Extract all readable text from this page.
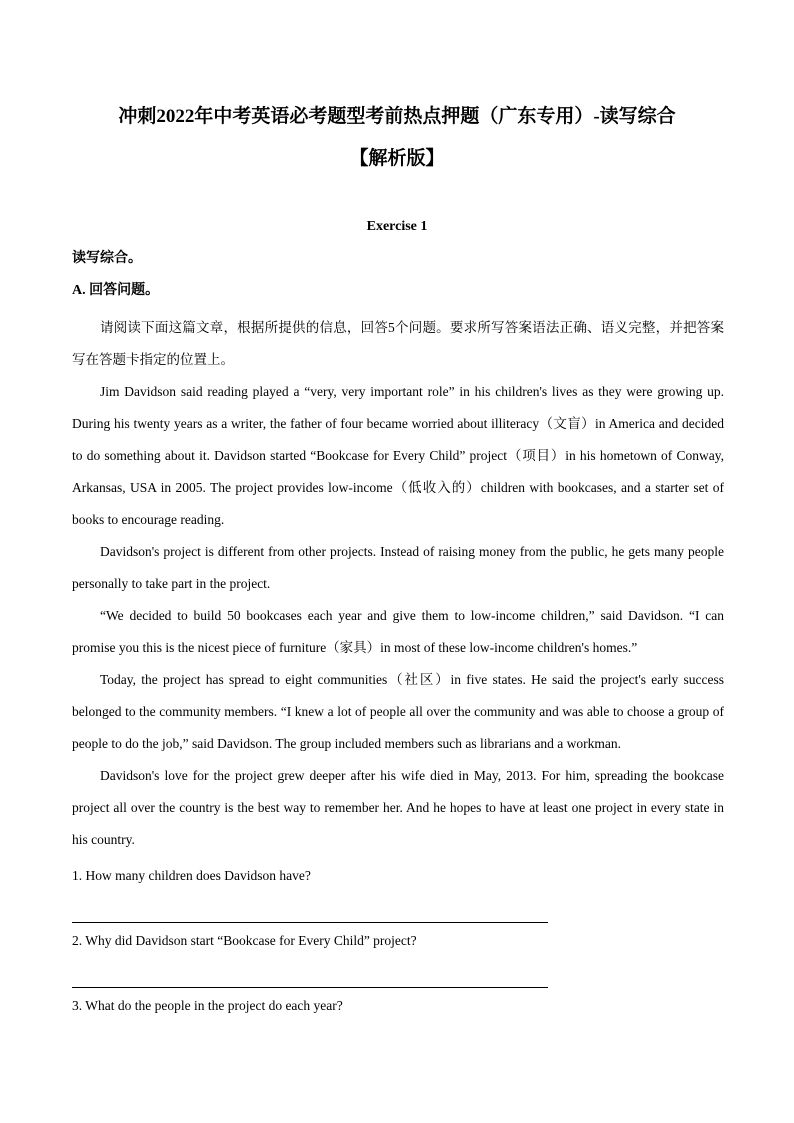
冲刺2022年中考英语必考题型考前热点押题（广东专用）-读写综合
【解析版】
Exercise 1
读写综合。
A. 回答问题。

请阅读下面这篇文章，根据所提供的信息，回答5个问题。要求所写答案语法正确、语义完整，并把答案写在答题卡指定的位置上。

Jim Davidson said reading played a “very, very important role” in his children's lives as they were growing up. During his twenty years as a writer, the father of four became worried about illiteracy（文盲）in America and decided to do something about it. Davidson started “Bookcase for Every Child” project（项目）in his hometown of Conway, Arkansas, USA in 2005. The project provides low-income（低收入的）children with bookcases, and a starter set of books to encourage reading.

Davidson's project is different from other projects. Instead of raising money from the public, he gets many people personally to take part in the project.

“We decided to build 50 bookcases each year and give them to low-income children,” said Davidson. “I can promise you this is the nicest piece of furniture（家具）in most of these low-income children's homes.”

Today, the project has spread to eight communities（社区）in five states. He said the project's early success belonged to the community members. “I knew a lot of people all over the community and was able to choose a group of people to do the job,” said Davidson. The group included members such as librarians and a workman.

Davidson's love for the project grew deeper after his wife died in May, 2013. For him, spreading the bookcase project all over the country is the best way to remember her. And he hopes to have at least one project in every state in his country.

1. How many children does Davidson have?
2. Why did Davidson start “Bookcase for Every Child” project?
3. What do the people in the project do each year?
